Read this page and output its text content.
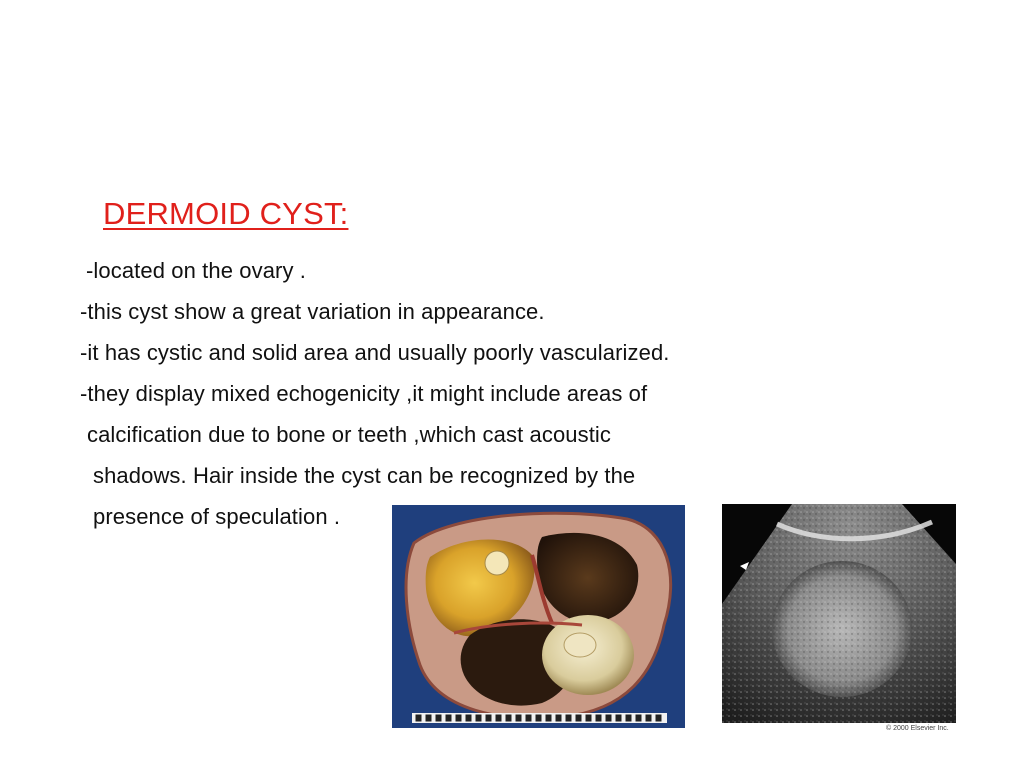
DERMOID CYST:
-located on the ovary .
-this cyst show a great variation in appearance.
-it has cystic and solid area and usually poorly vascularized.
-they display mixed echogenicity ,it might include areas of
calcification due to bone or teeth ,which cast acoustic
shadows. Hair inside the cyst can be recognized by the
presence of speculation .
© 2000 Elsevier Inc.
